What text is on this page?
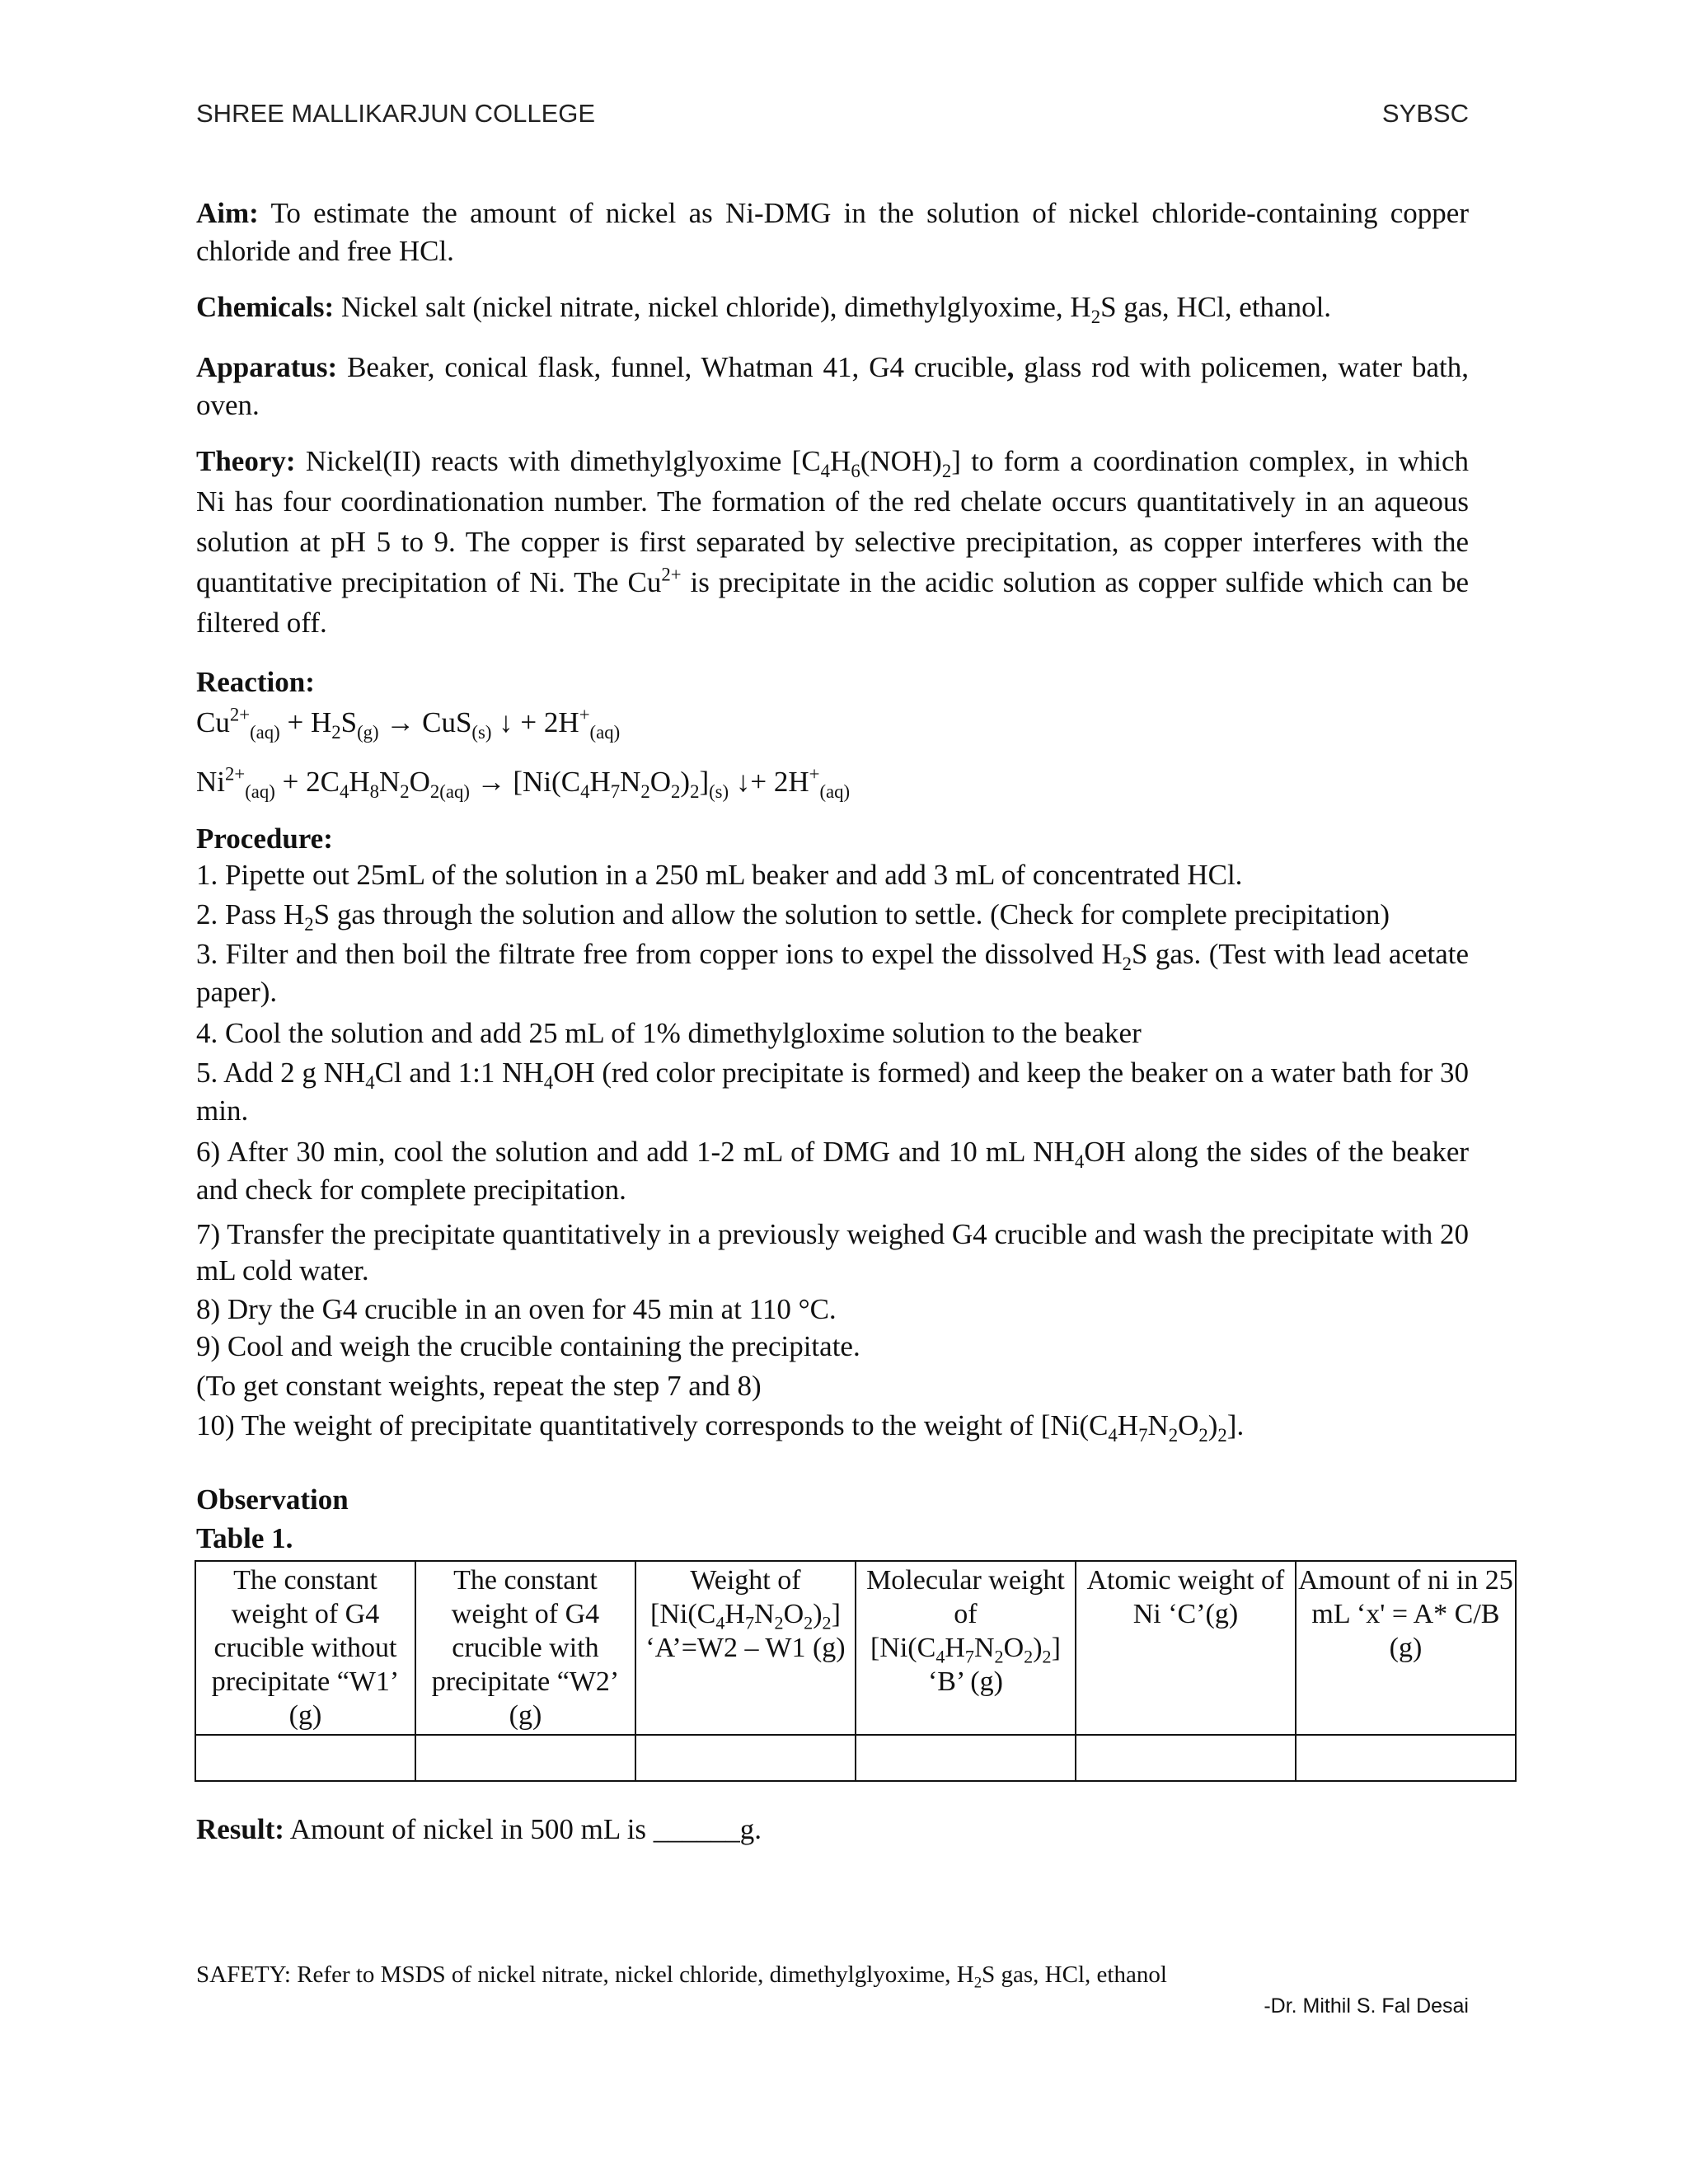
SHREE MALLIKARJUN COLLEGE	SYBSC
Aim: To estimate the amount of nickel as Ni-DMG in the solution of nickel chloride-containing copper chloride and free HCl.
Chemicals: Nickel salt (nickel nitrate, nickel chloride), dimethylglyoxime, $H_2S$ gas, HCl, ethanol.
Apparatus: Beaker, conical flask, funnel, Whatman 41, G4 crucible, glass rod with policemen, water bath, oven.
Theory: Nickel(II) reacts with dimethylglyoxime $[C_4H_6(NOH)_2]$ to form a coordination complex, in which Ni has four coordinationation number. The formation of the red chelate occurs quantitatively in an aqueous solution at pH 5 to 9. The copper is first separated by selective precipitation, as copper interferes with the quantitative precipitation of Ni. The $Cu^{2+}$ is precipitate in the acidic solution as copper sulfide which can be filtered off.
Reaction:
$Cu^{2+}_{(aq)} + H_2S_{(g)} \to CuS_{(s)}$ ↓ + $2H^+_{(aq)}$
$Ni^{2+}_{(aq)} + 2C_4H_8N_2O_{2(aq)} \to [Ni(C_4H_7N_2O_2)_2]_{(s)}$ ↓+ $2H^+_{(aq)}$
Procedure:
1. Pipette out 25mL of the solution in a 250 mL beaker and add 3 mL of concentrated HCl.
2. Pass $H_2S$ gas through the solution and allow the solution to settle. (Check for complete precipitation)
3. Filter and then boil the filtrate free from copper ions to expel the dissolved $H_2S$ gas. (Test with lead acetate paper).
4. Cool the solution and add 25 mL of 1% dimethylgloxime solution to the beaker
5. Add 2 g $NH_4Cl$ and 1:1 $NH_4OH$ (red color precipitate is formed) and keep the beaker on a water bath for 30 min.
6) After 30 min, cool the solution and add 1-2 mL of DMG and 10 mL $NH_4OH$ along the sides of the beaker and check for complete precipitation.
7) Transfer the precipitate quantitatively in a previously weighed G4 crucible and wash the precipitate with 20 mL cold water.
8) Dry the G4 crucible in an oven for 45 min at 110 °C.
9) Cool and weigh the crucible containing the precipitate.
(To get constant weights, repeat the step 7 and 8)
10) The weight of precipitate quantitatively corresponds to the weight of $[Ni(C_4H_7N_2O_2)_2]$.
Observation
Table 1.
The constant weight of G4 crucible without precipitate “W1’ (g)	The constant weight of G4 crucible with precipitate “W2’ (g)	Weight of $[Ni(C_4H_7N_2O_2)_2]$ ‘A’=W2 – W1 (g)	Molecular weight of $[Ni(C_4H_7N_2O_2)_2]$ ‘B’ (g)	Atomic weight of Ni ‘C’(g)	Amount of ni in 25 mL ‘x' = A* C/B (g)

Result: Amount of nickel in 500 mL is ______g.
SAFETY: Refer to MSDS of nickel nitrate, nickel chloride, dimethylglyoxime, $H_2S$ gas, HCl, ethanol
-Dr. Mithil S. Fal Desai
